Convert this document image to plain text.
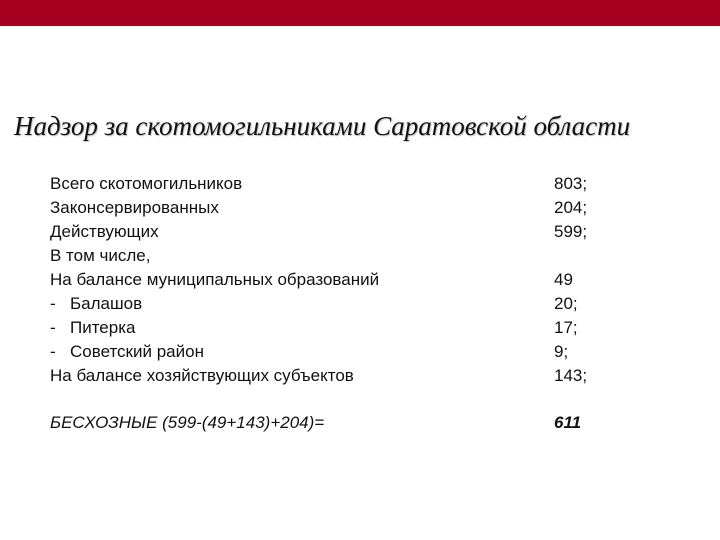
Надзор за скотомогильниками Саратовской области
Всего скотомогильников	803;
Законсервированных	204;
Действующих	599;
В том числе,
На балансе муниципальных образований	49
- Балашов	20;
- Питерка	17;
- Советский район	9;
На балансе хозяйствующих субъектов	143;
БЕСХОЗНЫЕ (599-(49+143)+204)=	611
